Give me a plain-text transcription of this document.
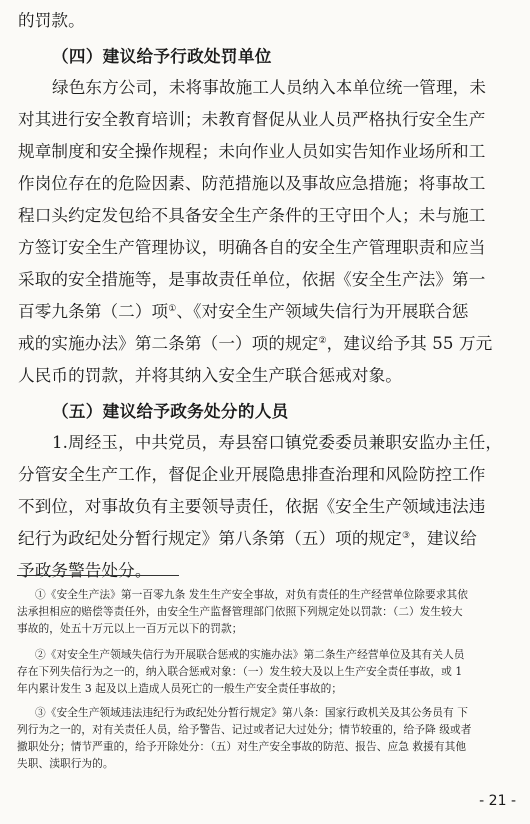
的罚款。
（四）建议给予行政处罚单位
绿色东方公司，未将事故施工人员纳入本单位统一管理，未
对其进行安全教育培训；未教育督促从业人员严格执行安全生产
规章制度和安全操作规程；未向作业人员如实告知作业场所和工
作岗位存在的危险因素、防范措施以及事故应急措施；将事故工
程口头约定发包给不具备安全生产条件的王守田个人；未与施工
方签订安全生产管理协议，明确各自的安全生产管理职责和应当
采取的安全措施等，是事故责任单位，依据《安全生产法》第一
百零九条第（二）项①、《对安全生产领域失信行为开展联合惩
戒的实施办法》第二条第（一）项的规定②，建议给予其 55 万元
人民币的罚款，并将其纳入安全生产联合惩戒对象。
（五）建议给予政务处分的人员
1.周经玉，中共党员，寿县窑口镇党委委员兼职安监办主任，
分管安全生产工作，督促企业开展隐患排查治理和风险防控工作
不到位，对事故负有主要领导责任，依据《安全生产领域违法违
纪行为政纪处分暂行规定》第八条第（五）项的规定③，建议给
予政务警告处分。
①《安全生产法》第一百零九条 发生生产安全事故，对负有责任的生产经营单位除要求其依
法承担相应的赔偿等责任外，由安全生产监督管理部门依照下列规定处以罚款：（二）发生较大
事故的，处五十万元以上一百万元以下的罚款；
②《对安全生产领域失信行为开展联合惩戒的实施办法》第二条生产经营单位及其有关人员
存在下列失信行为之一的，纳入联合惩戒对象：（一）发生较大及以上生产安全责任事故，或 1
年内累计发生 3 起及以上造成人员死亡的一般生产安全责任事故的；
③《安全生产领域违法违纪行为政纪处分暂行规定》第八条：国家行政机关及其公务员有 下
列行为之一的，对有关责任人员，给予警告、记过或者记大过处分；情节较重的，给予降 级或者
撤职处分；情节严重的，给予开除处分：（五）对生产安全事故的防范、报告、应急 救援有其他
失职、渎职行为的。
- 21 -
